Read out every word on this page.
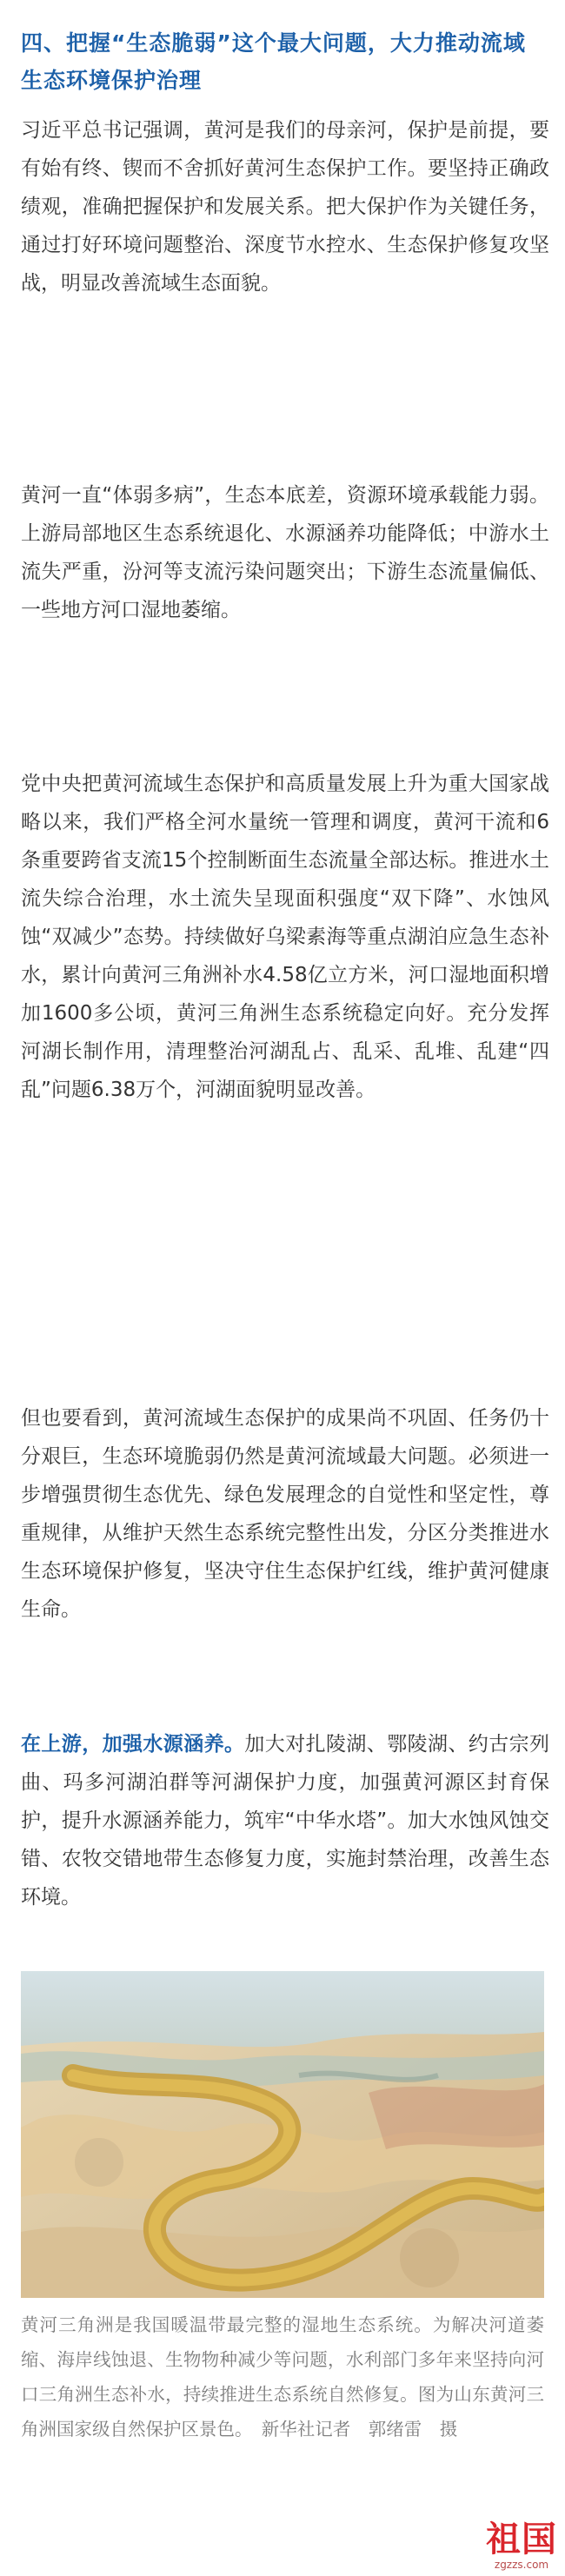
四、把握“生态脆弱”这个最大问题，大力推动流域生态环境保护治理
习近平总书记强调，黄河是我们的母亲河，保护是前提，要有始有终、锲而不舍抓好黄河生态保护工作。要坚持正确政绩观，准确把握保护和发展关系。把大保护作为关键任务，通过打好环境问题整治、深度节水控水、生态保护修复攻坚战，明显改善流域生态面貌。
黄河一直“体弱多病”，生态本底差，资源环境承载能力弱。上游局部地区生态系统退化、水源涵养功能降低；中游水土流失严重，汾河等支流污染问题突出；下游生态流量偏低、一些地方河口湿地萎缩。
党中央把黄河流域生态保护和高质量发展上升为重大国家战略以来，我们严格全河水量统一管理和调度，黄河干流和6条重要跨省支流15个控制断面生态流量全部达标。推进水土流失综合治理，水土流失呈现面积强度“双下降”、水蚀风蚀“双减少”态势。持续做好乌梁素海等重点湖泊应急生态补水，累计向黄河三角洲补水4.58亿立方米，河口湿地面积增加1600多公顷，黄河三角洲生态系统稳定向好。充分发挥河湖长制作用，清理整治河湖乱占、乱采、乱堆、乱建“四乱”问题6.38万个，河湖面貌明显改善。
但也要看到，黄河流域生态保护的成果尚不巩固、任务仍十分艰巨，生态环境脆弱仍然是黄河流域最大问题。必须进一步增强贯彻生态优先、绿色发展理念的自觉性和坚定性，尊重规律，从维护天然生态系统完整性出发，分区分类推进水生态环境保护修复，坚决守住生态保护红线，维护黄河健康生命。
在上游，加强水源涵养。加大对扎陵湖、鄂陵湖、约古宗列曲、玛多河湖泊群等河湖保护力度，加强黄河源区封育保护，提升水源涵养能力，筑牢“中华水塔”。加大水蚀风蚀交错、农牧交错地带生态修复力度，实施封禁治理，改善生态环境。
黄河三角洲是我国暖温带最完整的湿地生态系统。为解决河道萎缩、海岸线蚀退、生物物种减少等问题，水利部门多年来坚持向河口三角洲生态补水，持续推进生态系统自然修复。图为山东黄河三角洲国家级自然保护区景色。　新华社记者　郭绪雷　摄
祖国
zgzzs.com
